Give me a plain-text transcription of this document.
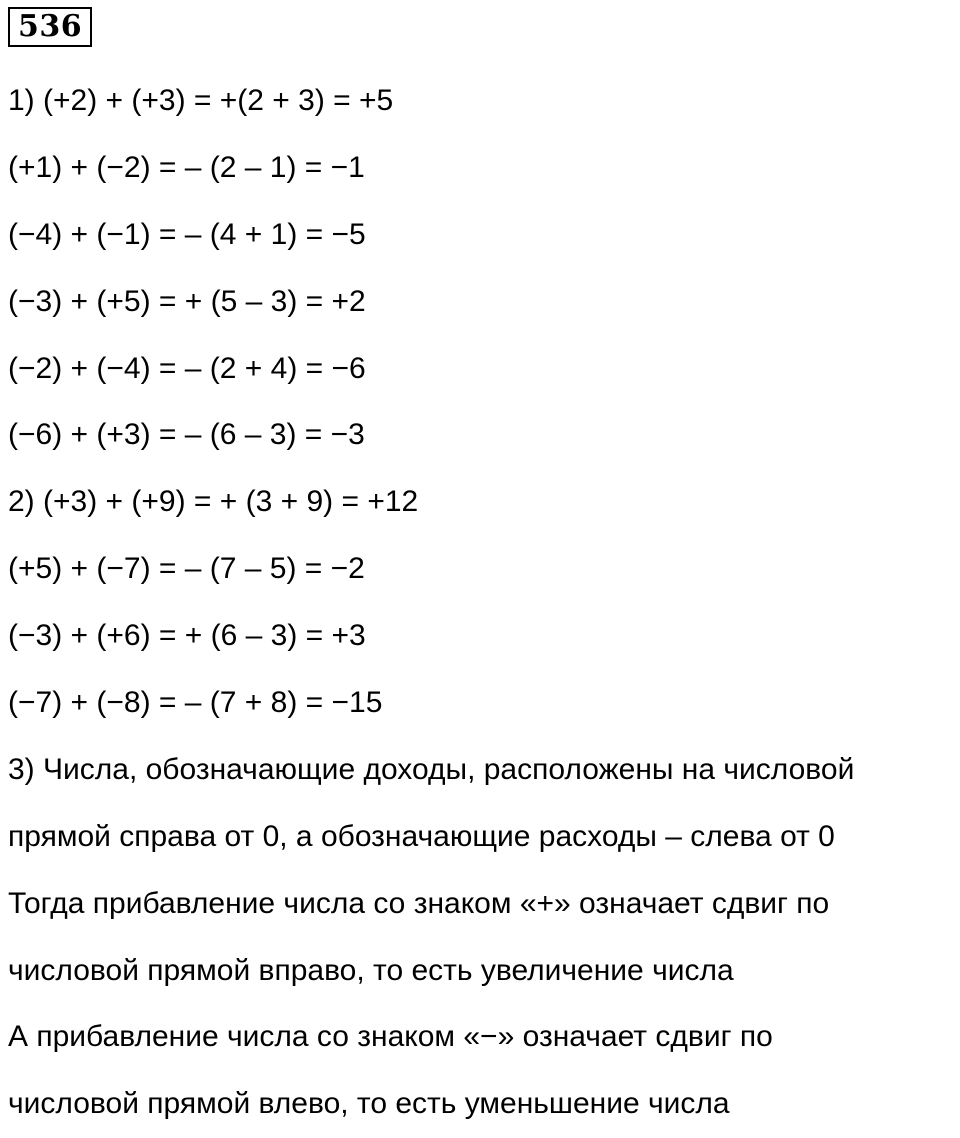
536
1) (+2) + (+3) = +(2 + 3) = +5
(+1) + (−2) = – (2 – 1) = −1
(−4) + (−1) = – (4 + 1) = −5
(−3) + (+5) = + (5 – 3) = +2
(−2) + (−4) = – (2 + 4) = −6
(−6) + (+3) = – (6 – 3) = −3
2) (+3) + (+9) = + (3 + 9) = +12
(+5) + (−7) = – (7 – 5) = −2
(−3) + (+6) = + (6 – 3) = +3
(−7) + (−8) = – (7 + 8) = −15
3) Числа, обозначающие доходы, расположены на числовой
прямой справа от 0, а обозначающие расходы – слева от 0
Тогда прибавление числа со знаком «+» означает сдвиг по
числовой прямой вправо, то есть увеличение числа
А прибавление числа со знаком «−» означает сдвиг по
числовой прямой влево, то есть уменьшение числа
